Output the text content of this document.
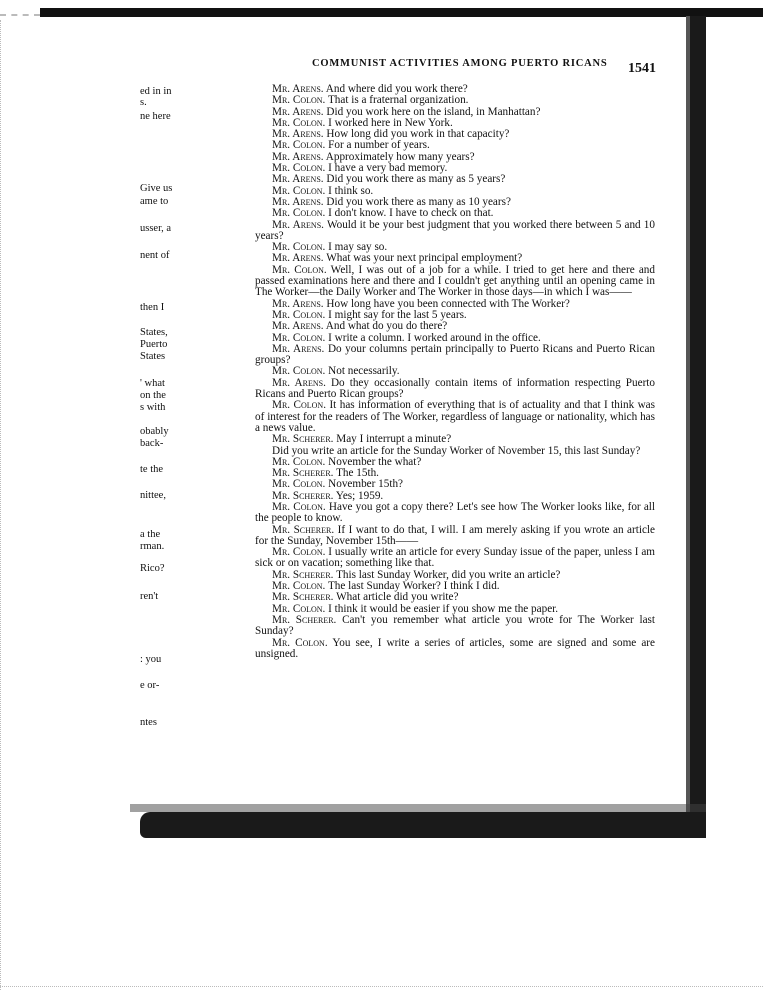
COMMUNIST ACTIVITIES AMONG PUERTO RICANS 1541
ed in in
s.
ne here
Give us
ame to
usser, a
nent of
then I
States,
Puerto
States
' what
on the
s with
obably
back-
te the
nittee,
a the
rman.
Rico?
ren't
: you
e or-
ntes

Mr. Arens. And where did you work there?

Mr. Colon. That is a fraternal organization.

Mr. Arens. Did you work here on the island, in Manhattan?

Mr. Colon. I worked here in New York.

Mr. Arens. How long did you work in that capacity?

Mr. Colon. For a number of years.

Mr. Arens. Approximately how many years?

Mr. Colon. I have a very bad memory.

Mr. Arens. Did you work there as many as 5 years?

Mr. Colon. I think so.

Mr. Arens. Did you work there as many as 10 years?

Mr. Colon. I don't know. I have to check on that.

Mr. Arens. Would it be your best judgment that you worked there between 5 and 10 years?

Mr. Colon. I may say so.

Mr. Arens. What was your next principal employment?

Mr. Colon. Well, I was out of a job for a while. I tried to get here and there and passed examinations here and there and I couldn't get anything until an opening came in The Worker—the Daily Worker and The Worker in those days—in which I was——

Mr. Arens. How long have you been connected with The Worker?

Mr. Colon. I might say for the last 5 years.

Mr. Arens. And what do you do there?

Mr. Colon. I write a column. I worked around in the office.

Mr. Arens. Do your columns pertain principally to Puerto Ricans and Puerto Rican groups?

Mr. Colon. Not necessarily.

Mr. Arens. Do they occasionally contain items of information respecting Puerto Ricans and Puerto Rican groups?

Mr. Colon. It has information of everything that is of actuality and that I think was of interest for the readers of The Worker, regardless of language or nationality, which has a news value.

Mr. Scherer. May I interrupt a minute?

Did you write an article for the Sunday Worker of November 15, this last Sunday?

Mr. Colon. November the what?

Mr. Scherer. The 15th.

Mr. Colon. November 15th?

Mr. Scherer. Yes; 1959.

Mr. Colon. Have you got a copy there? Let's see how The Worker looks like, for all the people to know.

Mr. Scherer. If I want to do that, I will. I am merely asking if you wrote an article for the Sunday, November 15th——

Mr. Colon. I usually write an article for every Sunday issue of the paper, unless I am sick or on vacation; something like that.

Mr. Scherer. This last Sunday Worker, did you write an article?

Mr. Colon. The last Sunday Worker? I think I did.

Mr. Scherer. What article did you write?

Mr. Colon. I think it would be easier if you show me the paper.

Mr. Scherer. Can't you remember what article you wrote for The Worker last Sunday?

Mr. Colon. You see, I write a series of articles, some are signed and some are unsigned.
